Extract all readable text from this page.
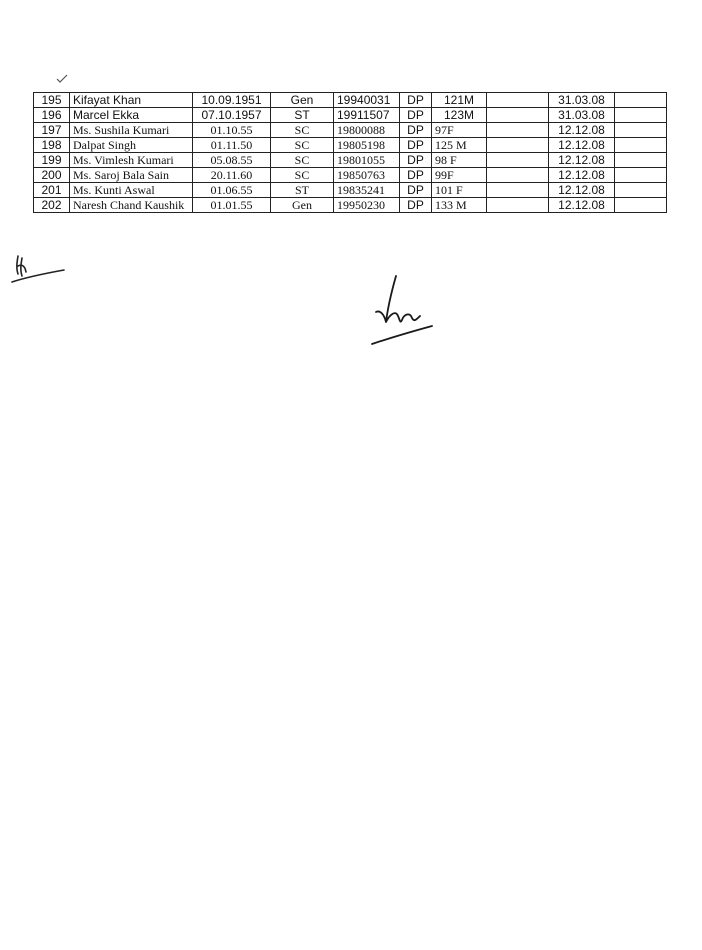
195	Kifayat Khan	10.09.1951	Gen	19940031	DP	121M		31.03.08	
196	Marcel Ekka	07.10.1957	ST	19911507	DP	123M		31.03.08	
197	Ms. Sushila Kumari	01.10.55	SC	19800088	DP	97F		12.12.08	
198	Dalpat Singh	01.11.50	SC	19805198	DP	125 M		12.12.08	
199	Ms. Vimlesh Kumari	05.08.55	SC	19801055	DP	98 F		12.12.08	
200	Ms. Saroj Bala Sain	20.11.60	SC	19850763	DP	99F		12.12.08	
201	Ms. Kunti Aswal	01.06.55	ST	19835241	DP	101 F		12.12.08	
202	Naresh Chand Kaushik	01.01.55	Gen	19950230	DP	133 M		12.12.08	
